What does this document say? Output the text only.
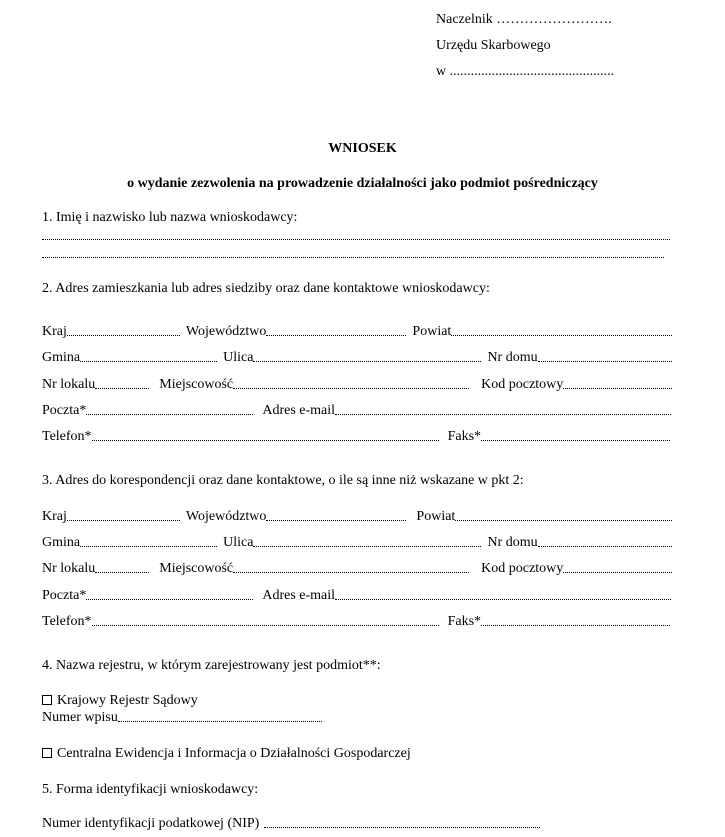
Naczelnik …………………….
Urzędu Skarbowego
w ...............................................
WNIOSEK
o wydanie zezwolenia na prowadzenie działalności jako podmiot pośredniczący
1. Imię i nazwisko lub nazwa wnioskodawcy:
2. Adres zamieszkania lub adres siedziby oraz dane kontaktowe wnioskodawcy:
Kraj	Województwo	Powiat
Gmina	Ulica	Nr domu
Nr lokalu	Miejscowość	Kod pocztowy
Poczta*	Adres e-mail
Telefon*	Faks*
3. Adres do korespondencji oraz dane kontaktowe, o ile są inne niż wskazane w pkt 2:
Kraj	Województwo	Powiat
Gmina	Ulica	Nr domu
Nr lokalu	Miejscowość	Kod pocztowy
Poczta*	Adres e-mail
Telefon*	Faks*
4. Nazwa rejestru, w którym zarejestrowany jest podmiot**:
Krajowy Rejestr Sądowy
Numer wpisu
Centralna Ewidencja i Informacja o Działalności Gospodarczej
5. Forma identyfikacji wnioskodawcy:
Numer identyfikacji podatkowej (NIP)
